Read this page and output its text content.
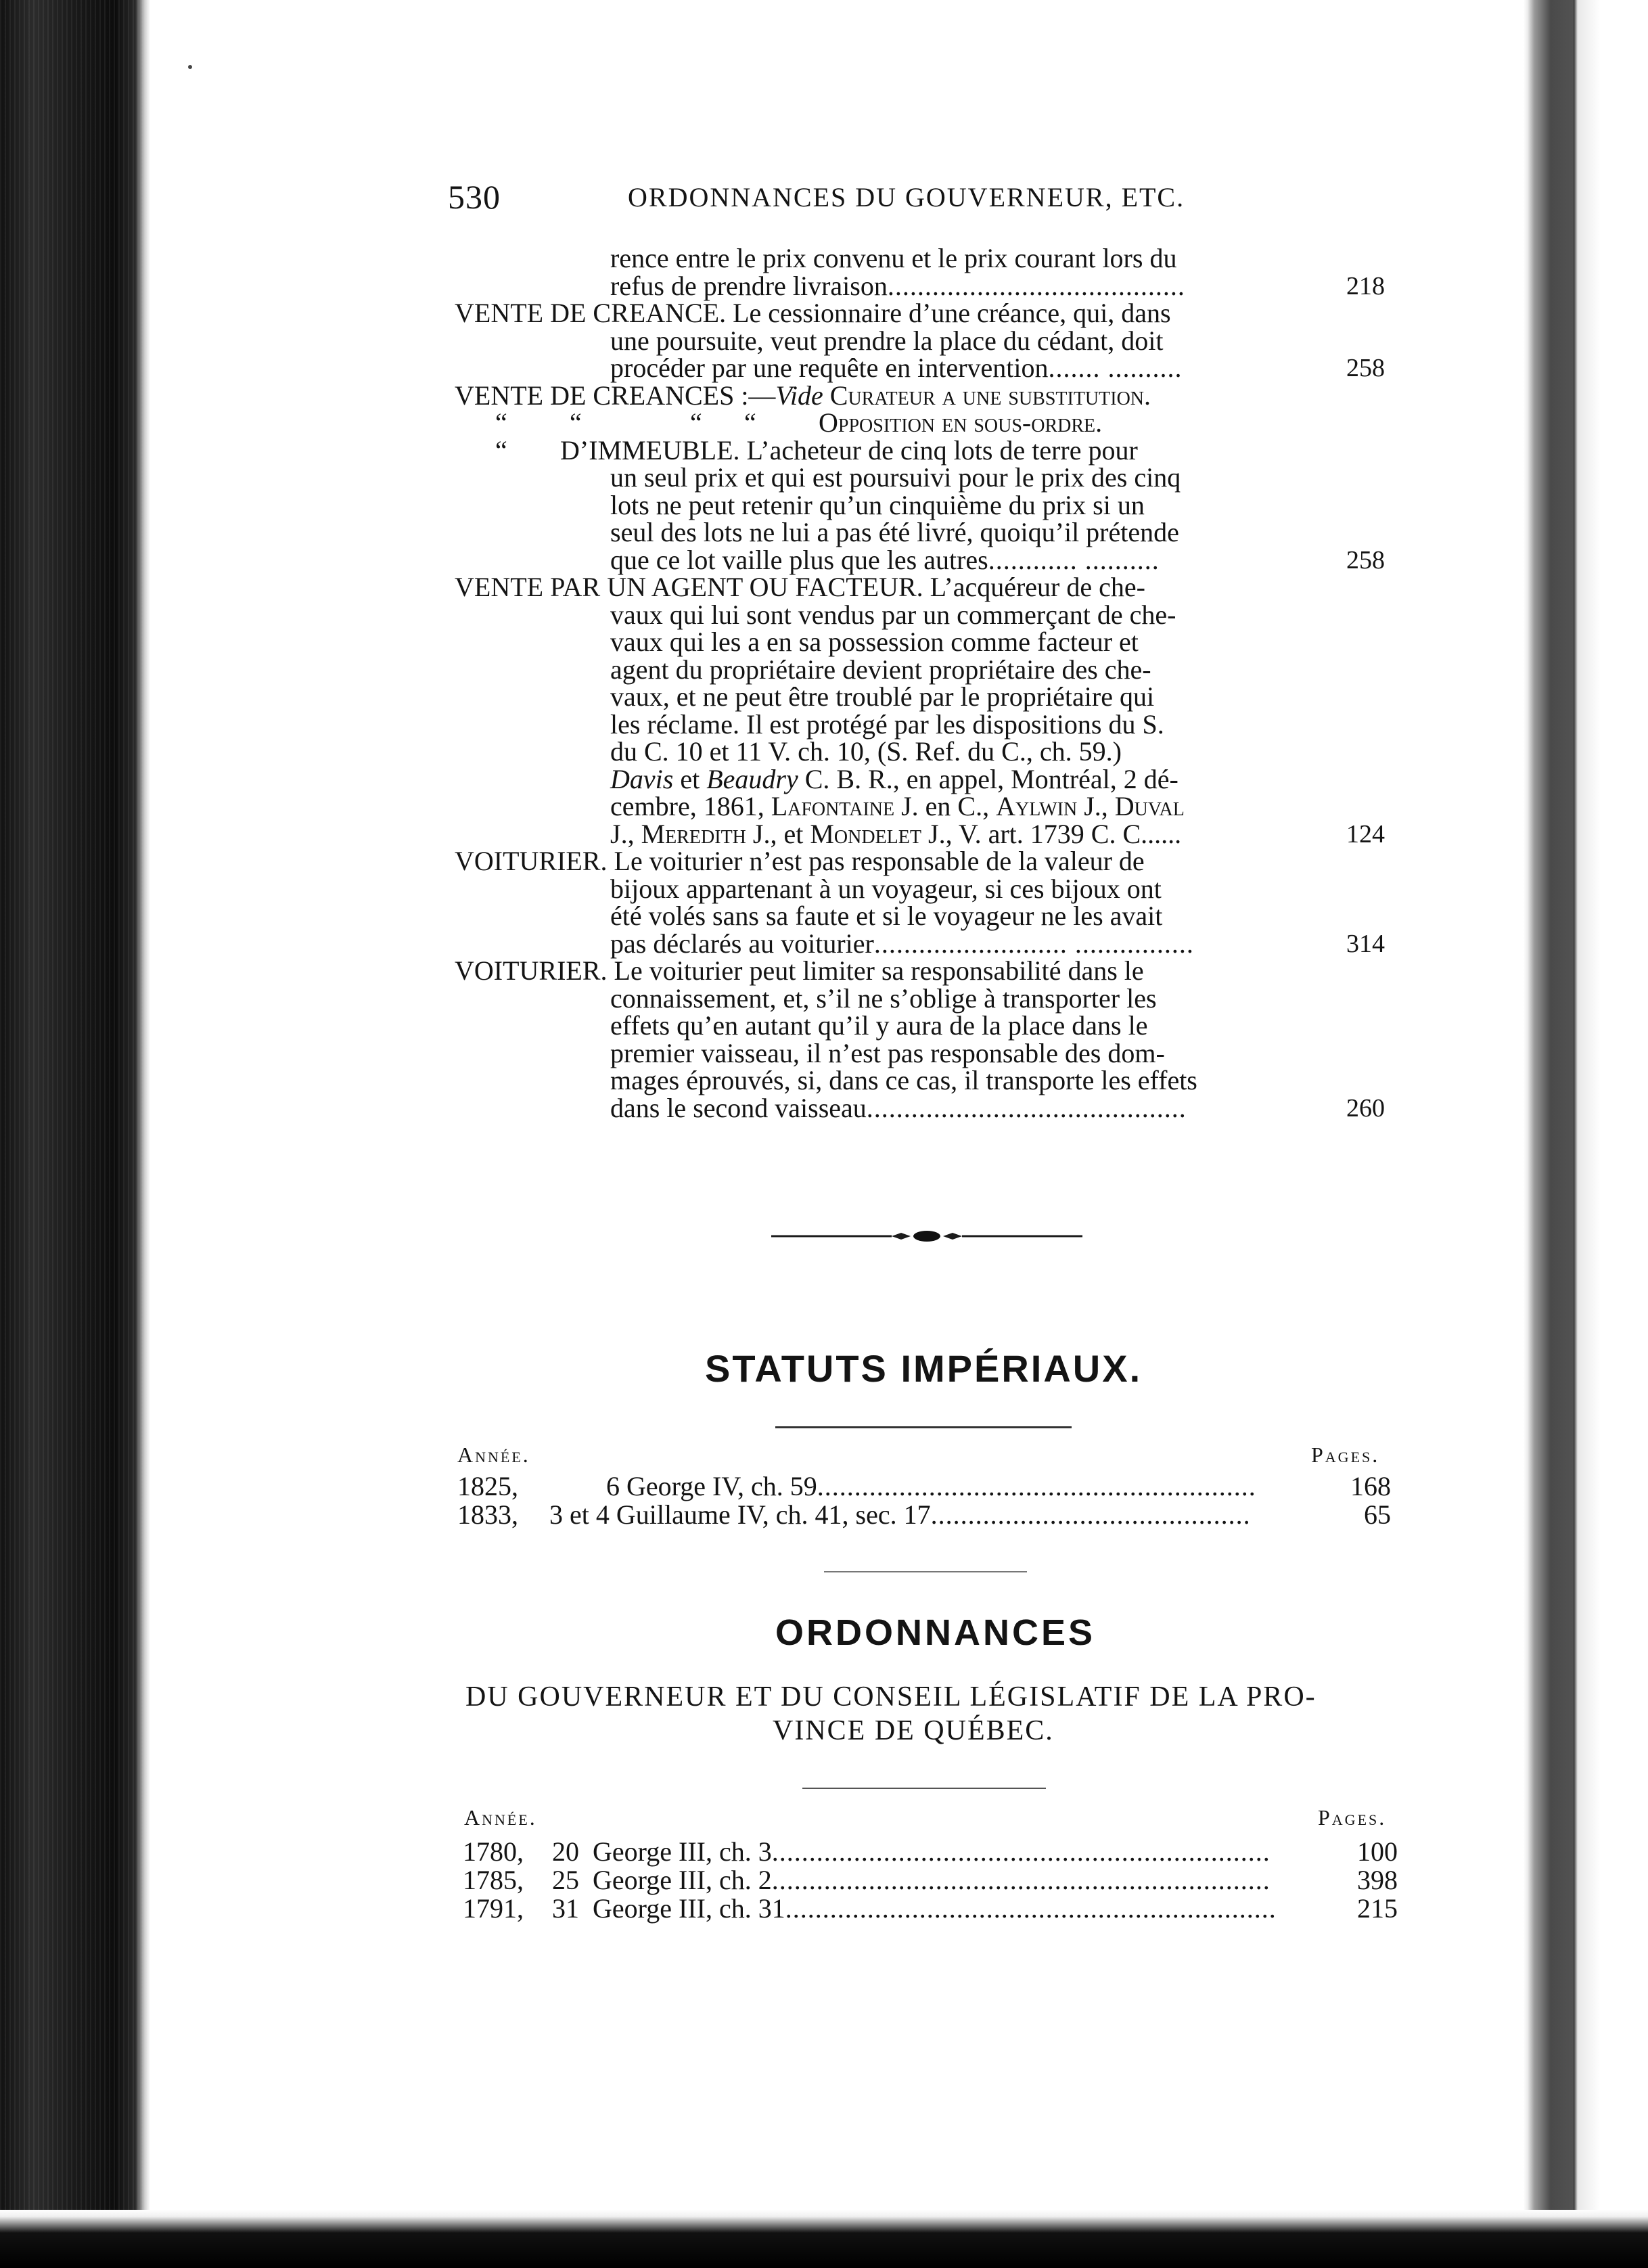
530	ORDONNANCES DU GOUVERNEUR, ETC.
rence entre le prix convenu et le prix courant lors du
refus de prendre livraison........................................	218
VENTE DE CREANCE. Le cessionnaire d’une créance, qui, dans
une poursuite, veut prendre la place du cédant, doit
procéder par une requête en intervention....... ..........	258
VENTE DE CREANCES :—Vide Curateur a une substitution.
“ “	“ “ Opposition en sous-ordre.
“ D’IMMEUBLE. L’acheteur de cinq lots de terre pour
un seul prix et qui est poursuivi pour le prix des cinq
lots ne peut retenir qu’un cinquième du prix si un
seul des lots ne lui a pas été livré, quoiqu’il prétende
que ce lot vaille plus que les autres............ ..........	258
VENTE PAR UN AGENT OU FACTEUR. L’acquéreur de che-
vaux qui lui sont vendus par un commerçant de che-
vaux qui les a en sa possession comme facteur et
agent du propriétaire devient propriétaire des che-
vaux, et ne peut être troublé par le propriétaire qui
les réclame. Il est protégé par les dispositions du S.
du C. 10 et 11 V. ch. 10, (S. Ref. du C., ch. 59.)
Davis et Beaudry C. B. R., en appel, Montréal, 2 dé-
cembre, 1861, Lafontaine J. en C., Aylwin J., Duval
J., Meredith J., et Mondelet J., V. art. 1739 C. C......	124
VOITURIER. Le voiturier n’est pas responsable de la valeur de
bijoux appartenant à un voyageur, si ces bijoux ont
été volés sans sa faute et si le voyageur ne les avait
pas déclarés au voiturier.......................... ................	314
VOITURIER. Le voiturier peut limiter sa responsabilité dans le
connaissement, et, s’il ne s’oblige à transporter les
effets qu’en autant qu’il y aura de la place dans le
premier vaisseau, il n’est pas responsable des dom-
mages éprouvés, si, dans ce cas, il transporte les effets
dans le second vaisseau...........................................	260
STATUTS IMPÉRIAUX.
Année.	Pages.
1825,	6 George IV, ch. 59...........................................................	168
1833, 3 et 4 Guillaume IV, ch. 41, sec. 17...........................................	65
ORDONNANCES
DU GOUVERNEUR ET DU CONSEIL LÉGISLATIF DE LA PRO-
VINCE DE QUÉBEC.
Année.	Pages.
1780, 20 George III, ch. 3...................................................................	100
1785, 25 George III, ch. 2...................................................................	398
1791, 31 George III, ch. 31..................................................................	215
